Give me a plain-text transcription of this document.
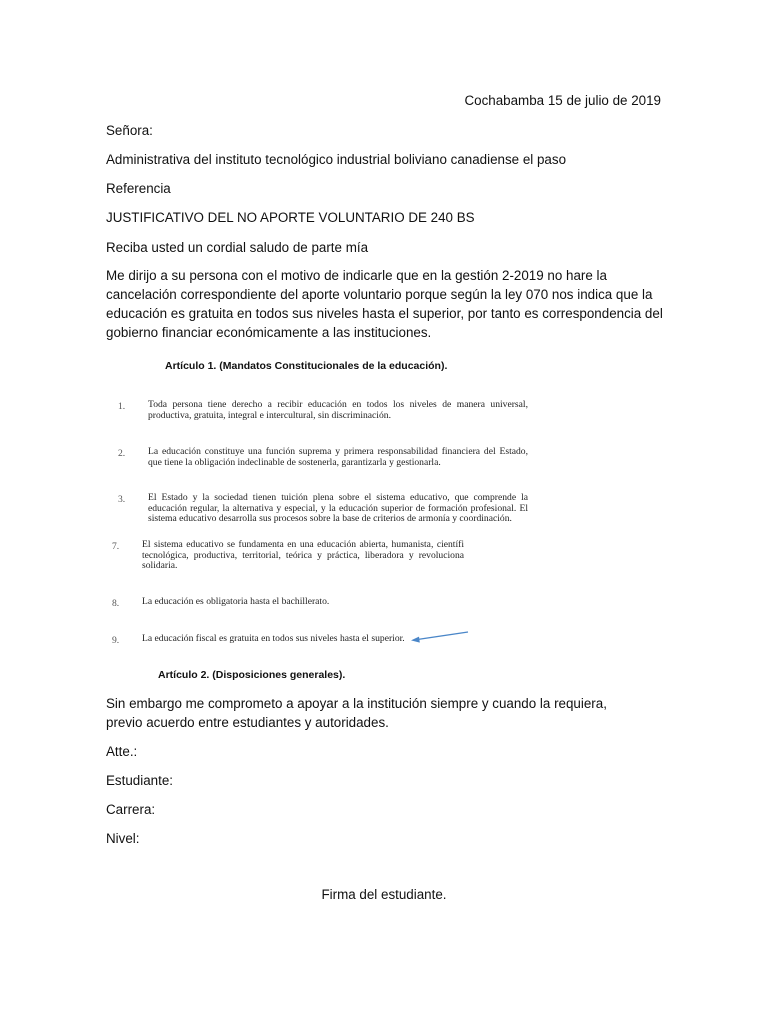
Cochabamba 15 de julio de 2019
Señora:
Administrativa del instituto tecnológico industrial boliviano canadiense el paso
Referencia
JUSTIFICATIVO DEL NO APORTE VOLUNTARIO DE 240 BS
Reciba usted un cordial saludo de parte mía
Me dirijo a su persona con el motivo de indicarle que en la gestión 2-2019 no hare la cancelación correspondiente del aporte voluntario porque según la ley 070 nos indica que la educación es gratuita en todos sus niveles hasta el superior, por tanto es correspondencia del gobierno financiar económicamente a las instituciones.
Artículo 1. (Mandatos Constitucionales de la educación).
1. Toda persona tiene derecho a recibir educación en todos los niveles de manera universal, productiva, gratuita, integral e intercultural, sin discriminación.
2. La educación constituye una función suprema y primera responsabilidad financiera del Estado, que tiene la obligación indeclinable de sostenerla, garantizarla y gestionarla.
3. El Estado y la sociedad tienen tuición plena sobre el sistema educativo, que comprende la educación regular, la alternativa y especial, y la educación superior de formación profesional. El sistema educativo desarrolla sus procesos sobre la base de criterios de armonía y coordinación.
7. El sistema educativo se fundamenta en una educación abierta, humanista, científi tecnológica, productiva, territorial, teórica y práctica, liberadora y revoluciona solidaria.
8. La educación es obligatoria hasta el bachillerato.
9. La educación fiscal es gratuita en todos sus niveles hasta el superior.
Artículo 2. (Disposiciones generales).
Sin embargo me comprometo a apoyar a la institución siempre y cuando la requiera, previo acuerdo entre estudiantes y autoridades.
Atte.:
Estudiante:
Carrera:
Nivel:
Firma del estudiante.
